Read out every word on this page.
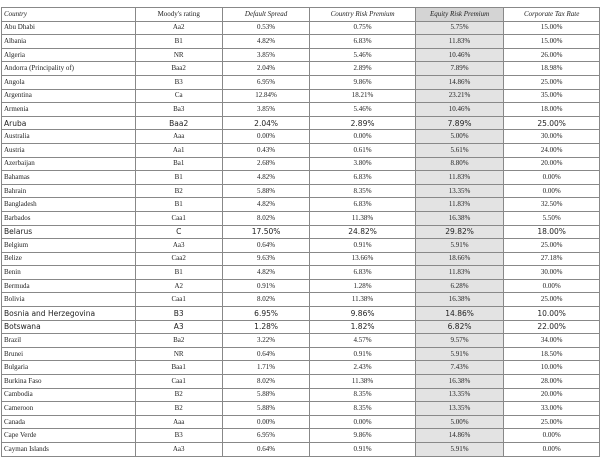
Country	Moody's rating	Default Spread	Country Risk Premium	Equity Risk Premium	Corporate Tax Rate
Abu Dhabi	Aa2	0.53%	0.75%	5.75%	15.00%
Albania	B1	4.82%	6.83%	11.83%	15.00%
Algeria	NR	3.85%	5.46%	10.46%	26.00%
Andorra (Principality of)	Baa2	2.04%	2.89%	7.89%	18.98%
Angola	B3	6.95%	9.86%	14.86%	25.00%
Argentina	Ca	12.84%	18.21%	23.21%	35.00%
Armenia	Ba3	3.85%	5.46%	10.46%	18.00%
Aruba	Baa2	2.04%	2.89%	7.89%	25.00%
Australia	Aaa	0.00%	0.00%	5.00%	30.00%
Austria	Aa1	0.43%	0.61%	5.61%	24.00%
Azerbaijan	Ba1	2.68%	3.80%	8.80%	20.00%
Bahamas	B1	4.82%	6.83%	11.83%	0.00%
Bahrain	B2	5.88%	8.35%	13.35%	0.00%
Bangladesh	B1	4.82%	6.83%	11.83%	32.50%
Barbados	Caa1	8.02%	11.38%	16.38%	5.50%
Belarus	C	17.50%	24.82%	29.82%	18.00%
Belgium	Aa3	0.64%	0.91%	5.91%	25.00%
Belize	Caa2	9.63%	13.66%	18.66%	27.18%
Benin	B1	4.82%	6.83%	11.83%	30.00%
Bermuda	A2	0.91%	1.28%	6.28%	0.00%
Bolivia	Caa1	8.02%	11.38%	16.38%	25.00%
Bosnia and Herzegovina	B3	6.95%	9.86%	14.86%	10.00%
Botswana	A3	1.28%	1.82%	6.82%	22.00%
Brazil	Ba2	3.22%	4.57%	9.57%	34.00%
Brunei	NR	0.64%	0.91%	5.91%	18.50%
Bulgaria	Baa1	1.71%	2.43%	7.43%	10.00%
Burkina Faso	Caa1	8.02%	11.38%	16.38%	28.00%
Cambodia	B2	5.88%	8.35%	13.35%	20.00%
Cameroon	B2	5.88%	8.35%	13.35%	33.00%
Canada	Aaa	0.00%	0.00%	5.00%	25.00%
Cape Verde	B3	6.95%	9.86%	14.86%	0.00%
Cayman Islands	Aa3	0.64%	0.91%	5.91%	0.00%
